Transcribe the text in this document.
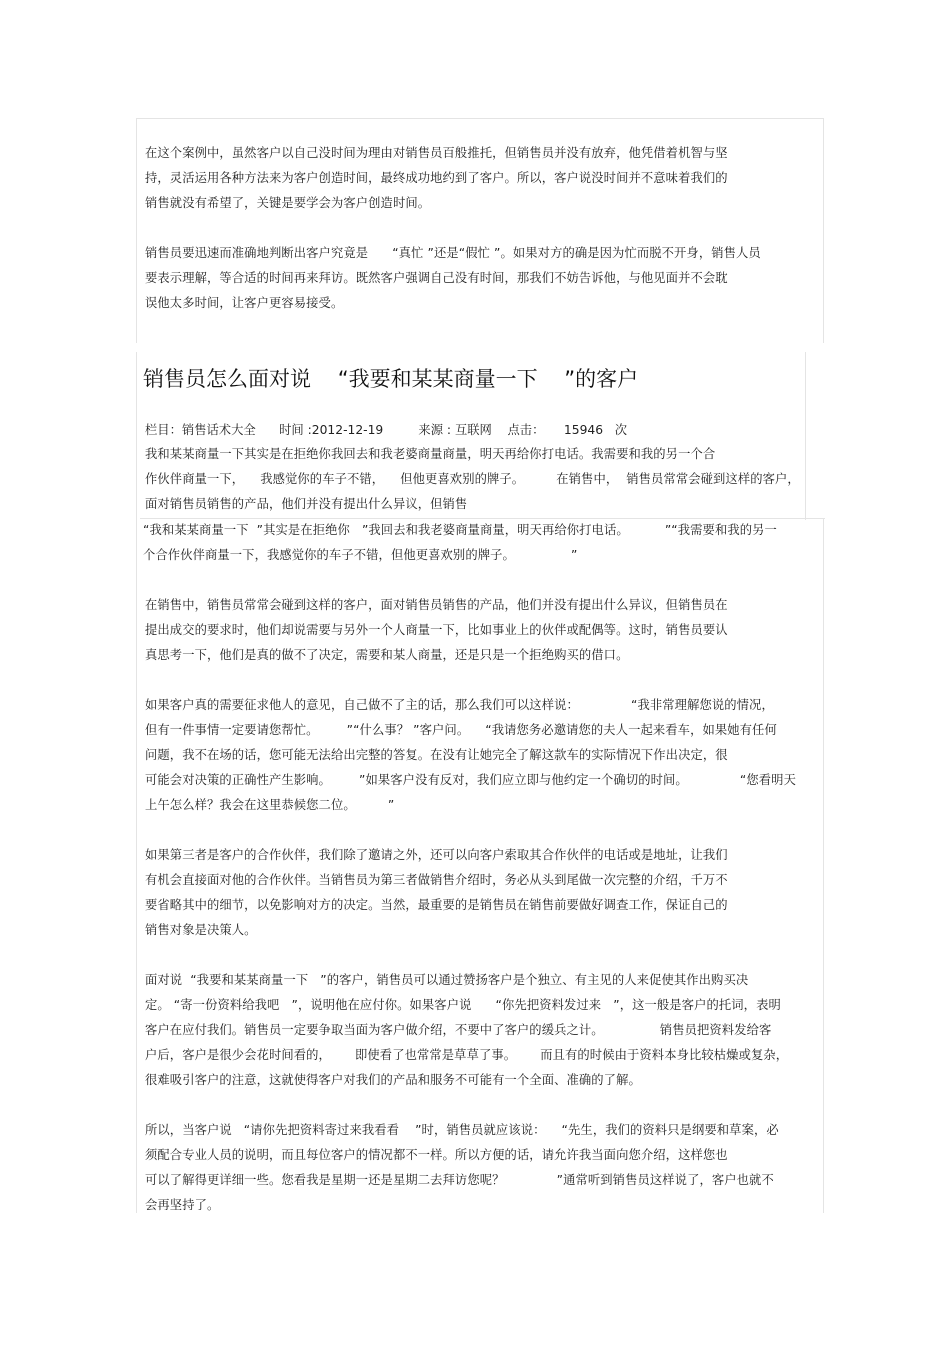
在这个案例中，虽然客户以自己没时间为理由对销售员百般推托，但销售员并没有放弃，他凭借着机智与坚
持，灵活运用各种方法来为客户创造时间，最终成功地约到了客户。所以，客户说没时间并不意味着我们的
销售就没有希望了，关键是要学会为客户创造时间。
销售员要迅速而准确地判断出客户究竟是      “真忙 ”还是“假忙 ”。如果对方的确是因为忙而脱不开身，销售人员
要表示理解，等合适的时间再来拜访。既然客户强调自己没有时间，那我们不妨告诉他，与他见面并不会耽
误他太多时间，让客户更容易接受。
销售员怎么面对说    “我要和某某商量一下    ”的客户
栏目：销售话术大全      时间 :2012-12-19         来源 : 互联网    点击：     15946   次
我和某某商量一下其实是在拒绝你我回去和我老婆商量商量，明天再给你打电话。我需要和我的另一个合
作伙伴商量一下，    我感觉你的车子不错，    但他更喜欢别的牌子。        在销售中，  销售员常常会碰到这样的客户，
面对销售员销售的产品，他们并没有提出什么异议，但销售
“我和某某商量一下  ”其实是在拒绝你   ”我回去和我老婆商量商量，明天再给你打电话。         ”“我需要和我的另一
个合作伙伴商量一下，我感觉你的车子不错，但他更喜欢别的牌子。              ”
在销售中，销售员常常会碰到这样的客户，面对销售员销售的产品，他们并没有提出什么异议，但销售员在
提出成交的要求时，他们却说需要与另外一个人商量一下，比如事业上的伙伴或配偶等。这时，销售员要认
真思考一下，他们是真的做不了决定，需要和某人商量，还是只是一个拒绝购买的借口。
如果客户真的需要征求他人的意见，自己做不了主的话，那么我们可以这样说：             “我非常理解您说的情况，
但有一件事情一定要请您帮忙。       ”“什么事？ ”客户问。    “我请您务必邀请您的夫人一起来看车，如果她有任何
问题，我不在场的话，您可能无法给出完整的答复。在没有让她完全了解这款车的实际情况下作出决定，很
可能会对决策的正确性产生影响。       ”如果客户没有反对，我们应立即与他约定一个确切的时间。             “您看明天
上午怎么样？我会在这里恭候您二位。        ”
如果第三者是客户的合作伙伴，我们除了邀请之外，还可以向客户索取其合作伙伴的电话或是地址，让我们
有机会直接面对他的合作伙伴。当销售员为第三者做销售介绍时，务必从头到尾做一次完整的介绍，千万不
要省略其中的细节，以免影响对方的决定。当然，最重要的是销售员在销售前要做好调查工作，保证自己的
销售对象是决策人。
面对说  “我要和某某商量一下   ”的客户，销售员可以通过赞扬客户是个独立、有主见的人来促使其作出购买决
定。 “寄一份资料给我吧   ”，说明他在应付你。如果客户说      “你先把资料发过来   ”，这一般是客户的托词，表明
客户在应付我们。销售员一定要争取当面为客户做介绍，不要中了客户的缓兵之计。              销售员把资料发给客
户后，客户是很少会花时间看的，      即使看了也常常是草草了事。      而且有的时候由于资料本身比较枯燥或复杂，
很难吸引客户的注意，这就使得客户对我们的产品和服务不可能有一个全面、准确的了解。
所以，当客户说   “请你先把资料寄过来我看看    ”时，销售员就应该说：    “先生，我们的资料只是纲要和草案，必
须配合专业人员的说明，而且每位客户的情况都不一样。所以方便的话，请允许我当面向您介绍，这样您也
可以了解得更详细一些。您看我是星期一还是星期二去拜访您呢？             ”通常听到销售员这样说了，客户也就不
会再坚持了。
